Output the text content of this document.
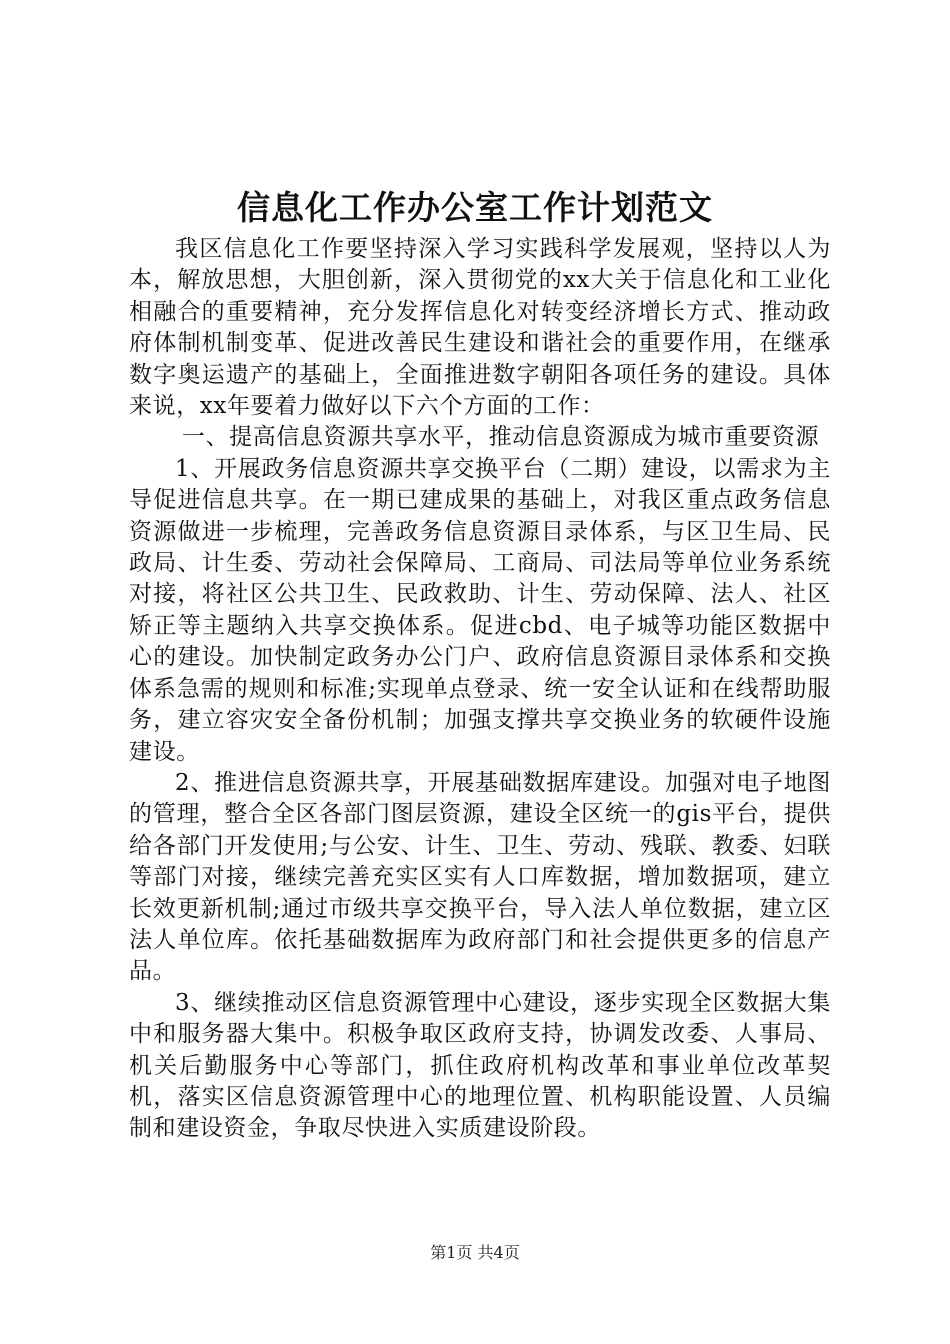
信息化工作办公室工作计划范文

我区信息化工作要坚持深入学习实践科学发展观，坚持以人为本，解放思想，大胆创新，深入贯彻党的xx大关于信息化和工业化相融合的重要精神，充分发挥信息化对转变经济增长方式、推动政府体制机制变革、促进改善民生建设和谐社会的重要作用，在继承数字奥运遗产的基础上，全面推进数字朝阳各项任务的建设。具体来说，xx年要着力做好以下六个方面的工作：

一、提高信息资源共享水平，推动信息资源成为城市重要资源

1、开展政务信息资源共享交换平台（二期）建设，以需求为主导促进信息共享。在一期已建成果的基础上，对我区重点政务信息资源做进一步梳理，完善政务信息资源目录体系，与区卫生局、民政局、计生委、劳动社会保障局、工商局、司法局等单位业务系统对接，将社区公共卫生、民政救助、计生、劳动保障、法人、社区矫正等主题纳入共享交换体系。促进cbd、电子城等功能区数据中心的建设。加快制定政务办公门户、政府信息资源目录体系和交换体系急需的规则和标准;实现单点登录、统一安全认证和在线帮助服务，建立容灾安全备份机制；加强支撑共享交换业务的软硬件设施建设。

2、推进信息资源共享，开展基础数据库建设。加强对电子地图的管理，整合全区各部门图层资源，建设全区统一的gis平台，提供给各部门开发使用;与公安、计生、卫生、劳动、残联、教委、妇联等部门对接，继续完善充实区实有人口库数据，增加数据项，建立长效更新机制;通过市级共享交换平台，导入法人单位数据，建立区法人单位库。依托基础数据库为政府部门和社会提供更多的信息产品。

3、继续推动区信息资源管理中心建设，逐步实现全区数据大集中和服务器大集中。积极争取区政府支持，协调发改委、人事局、机关后勤服务中心等部门，抓住政府机构改革和事业单位改革契机，落实区信息资源管理中心的地理位置、机构职能设置、人员编制和建设资金，争取尽快进入实质建设阶段。

第1页 共4页
